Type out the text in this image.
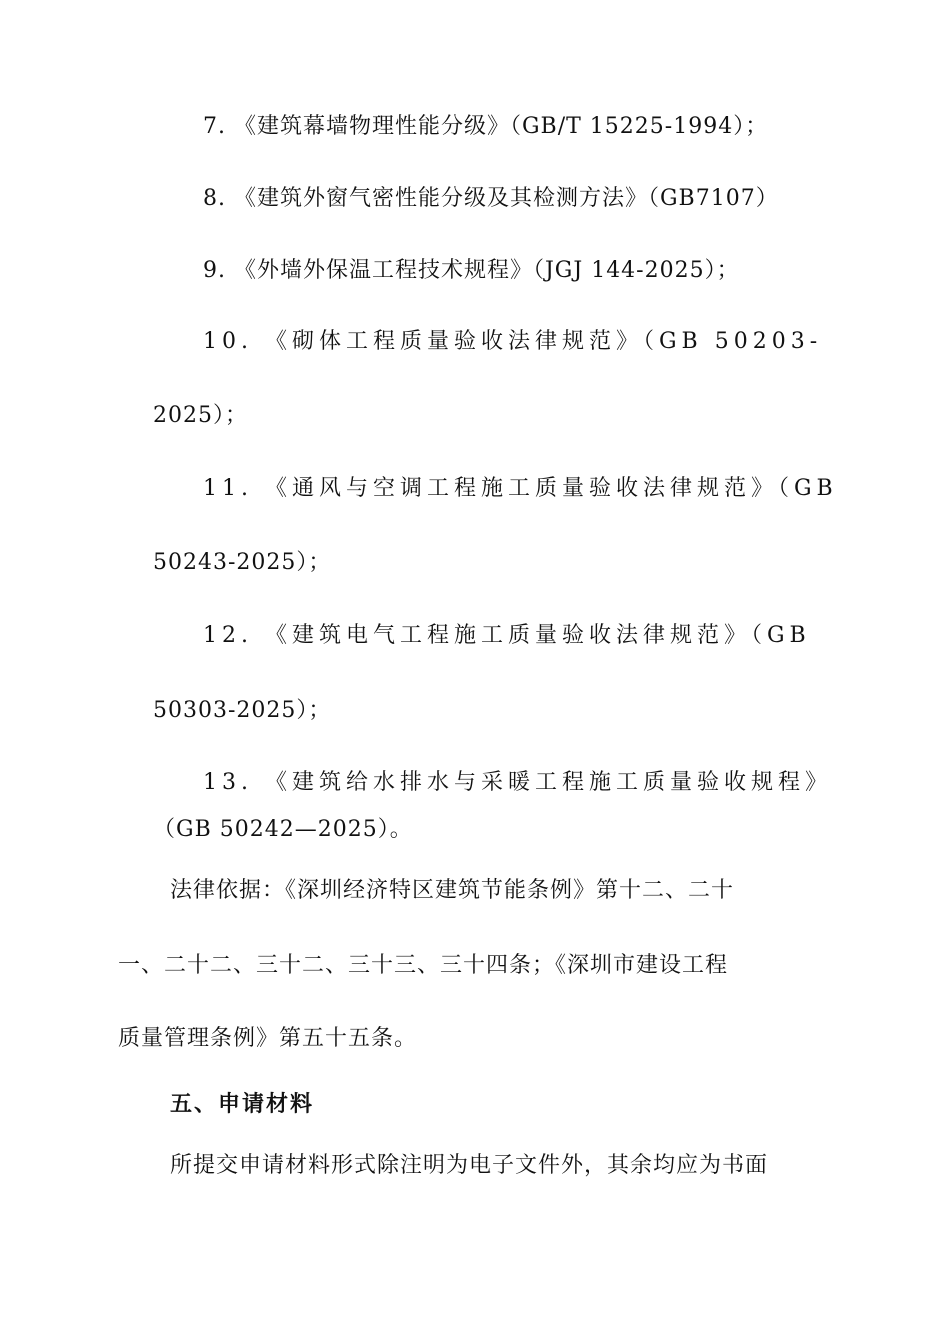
7. 《建筑幕墙物理性能分级》（GB/T 15225-1994）；
8. 《建筑外窗气密性能分级及其检测方法》（GB7107）
9. 《外墙外保温工程技术规程》（JGJ 144-2025）；
10. 《砌体工程质量验收法律规范》（GB 50203-
2025）；
11. 《通风与空调工程施工质量验收法律规范》（GB
50243-2025）；
12. 《建筑电气工程施工质量验收法律规范》（GB
50303-2025）；
13. 《建筑给水排水与采暖工程施工质量验收规程》
（GB 50242—2025）。
法律依据：《深圳经济特区建筑节能条例》第十二、二十
一、二十二、三十二、三十三、三十四条；《深圳市建设工程
质量管理条例》第五十五条。
五、申请材料
所提交申请材料形式除注明为电子文件外，其余均应为书面
